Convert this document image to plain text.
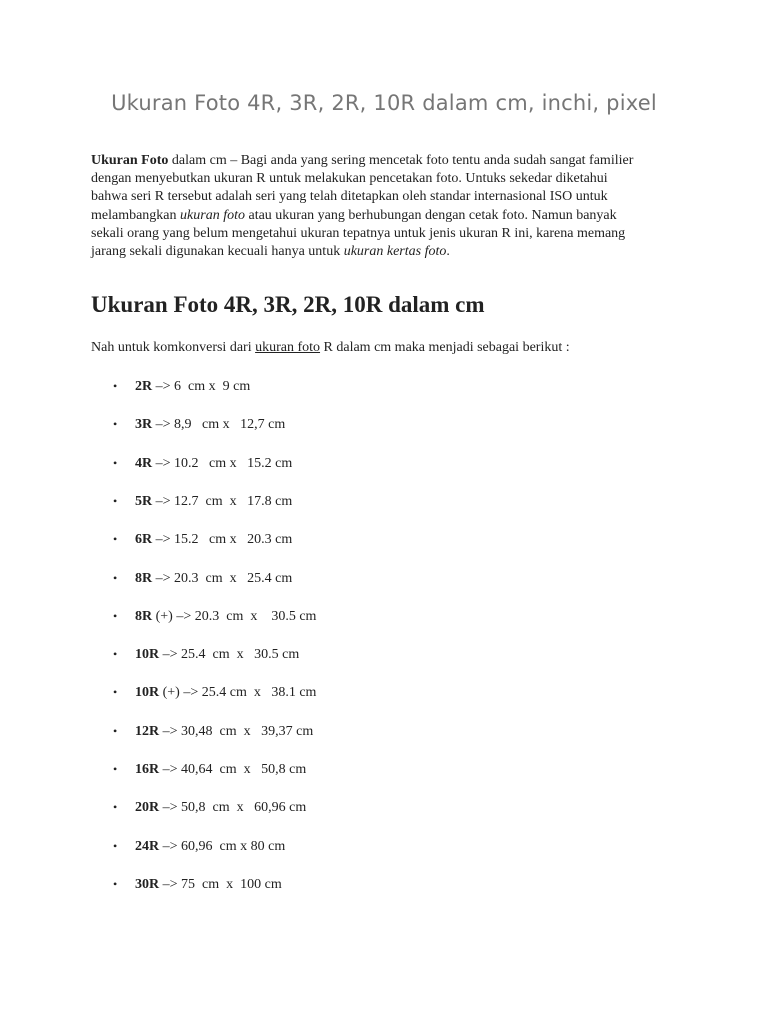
Ukuran Foto 4R, 3R, 2R, 10R dalam cm, inchi, pixel

Ukuran Foto dalam cm – Bagi anda yang sering mencetak foto tentu anda sudah sangat familier
dengan menyebutkan ukuran R untuk melakukan pencetakan foto. Untuks sekedar diketahui
bahwa seri R tersebut adalah seri yang telah ditetapkan oleh standar internasional ISO untuk
melambangkan ukuran foto atau ukuran yang berhubungan dengan cetak foto. Namun banyak
sekali orang yang belum mengetahui ukuran tepatnya untuk jenis ukuran R ini, karena memang
jarang sekali digunakan kecuali hanya untuk ukuran kertas foto.

Ukuran Foto 4R, 3R, 2R, 10R dalam cm

Nah untuk komkonversi dari ukuran foto R dalam cm maka menjadi sebagai berikut :

• 2R –> 6  cm x  9 cm
• 3R –> 8,9   cm x   12,7 cm
• 4R –> 10.2   cm x   15.2 cm
• 5R –> 12.7  cm  x   17.8 cm
• 6R –> 15.2   cm x   20.3 cm
• 8R –> 20.3  cm  x   25.4 cm
• 8R (+) –> 20.3  cm  x    30.5 cm
• 10R –> 25.4  cm  x   30.5 cm
• 10R (+) –> 25.4 cm  x   38.1 cm
• 12R –> 30,48  cm  x   39,37 cm
• 16R –> 40,64  cm  x   50,8 cm
• 20R –> 50,8  cm  x   60,96 cm
• 24R –> 60,96  cm x 80 cm
• 30R –> 75  cm  x  100 cm
